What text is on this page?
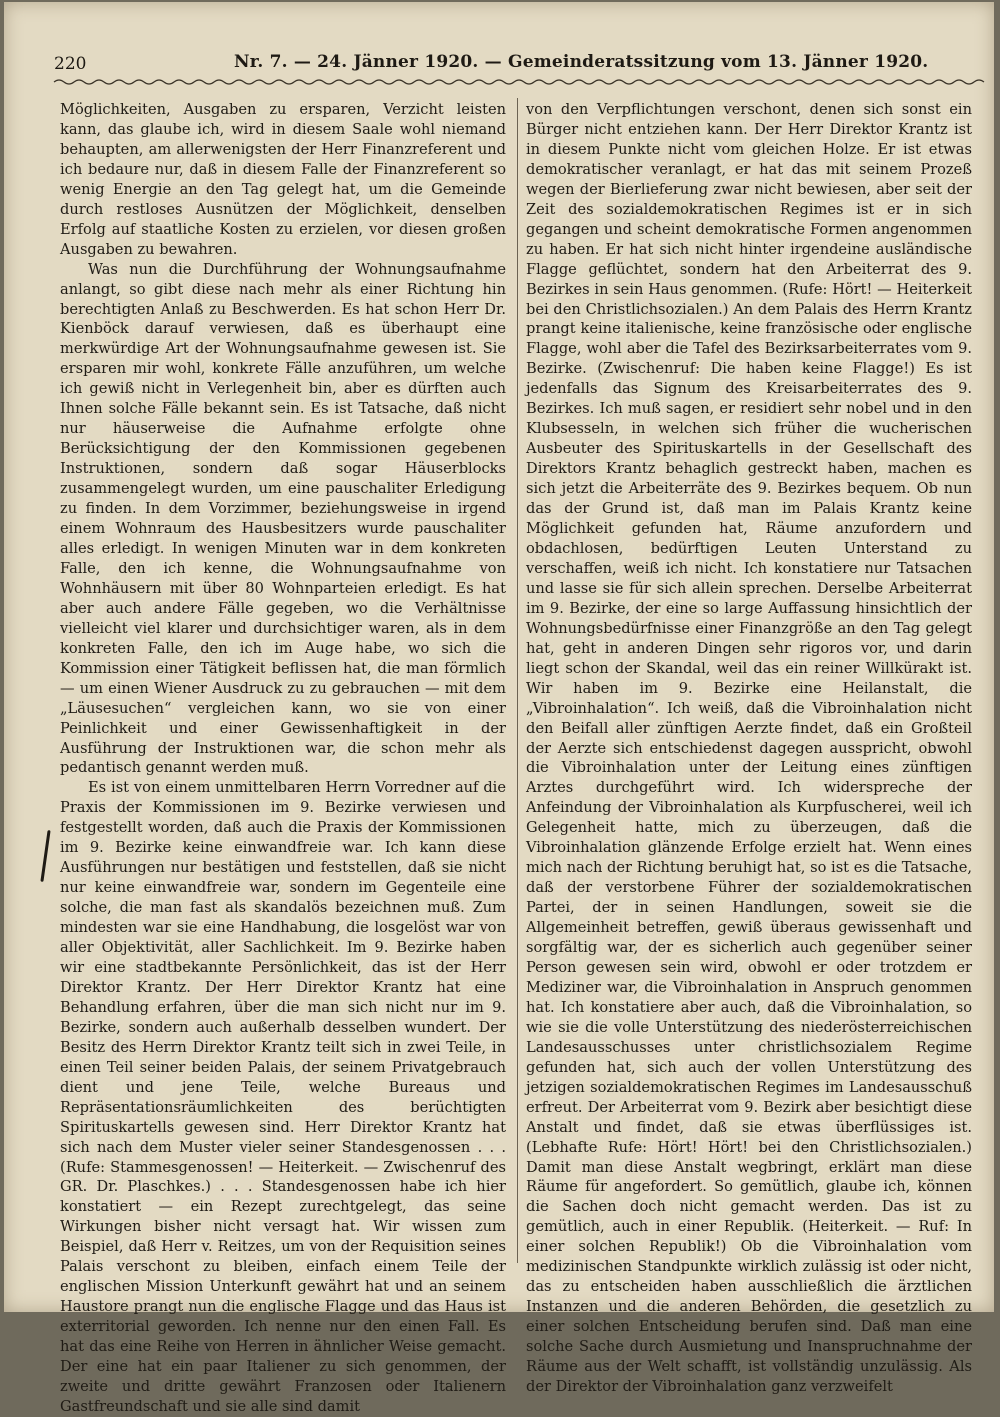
220	Nr. 7. — 24. Jänner 1920. — Gemeinderatssitzung vom 13. Jänner 1920.

Möglichkeiten, Ausgaben zu ersparen, Verzicht leisten kann, das glaube ich, wird in diesem Saale wohl niemand behaupten, am allerwenigsten der Herr Finanzreferent und ich bedaure nur, daß in diesem Falle der Finanzreferent so wenig Energie an den Tag gelegt hat, um die Gemeinde durch restloses Ausnützen der Möglichkeit, denselben Erfolg auf staatliche Kosten zu erzielen, vor diesen großen Ausgaben zu bewahren.

Was nun die Durchführung der Wohnungsaufnahme anlangt, so gibt diese nach mehr als einer Richtung hin berechtigten Anlaß zu Beschwerden. Es hat schon Herr Dr. Kienböck darauf verwiesen, daß es überhaupt eine merkwürdige Art der Wohnungsaufnahme gewesen ist. Sie ersparen mir wohl, konkrete Fälle anzuführen, um welche ich gewiß nicht in Verlegenheit bin, aber es dürften auch Ihnen solche Fälle bekannt sein. Es ist Tatsache, daß nicht nur häuserweise die Aufnahme erfolgte ohne Berücksichtigung der den Kommissionen gegebenen Instruktionen, sondern daß sogar Häuserblocks zusammengelegt wurden, um eine pauschaliter Erledigung zu finden. In dem Vorzimmer, beziehungsweise in irgend einem Wohnraum des Hausbesitzers wurde pauschaliter alles erledigt. In wenigen Minuten war in dem konkreten Falle, den ich kenne, die Wohnungsaufnahme von Wohnhäusern mit über 80 Wohnparteien erledigt. Es hat aber auch andere Fälle gegeben, wo die Verhältnisse vielleicht viel klarer und durchsichtiger waren, als in dem konkreten Falle, den ich im Auge habe, wo sich die Kommission einer Tätigkeit beflissen hat, die man förmlich — um einen Wiener Ausdruck zu zu gebrauchen — mit dem „Läusesuchen“ vergleichen kann, wo sie von einer Peinlichkeit und einer Gewissenhaftigkeit in der Ausführung der Instruktionen war, die schon mehr als pedantisch genannt werden muß.

Es ist von einem unmittelbaren Herrn Vorredner auf die Praxis der Kommissionen im 9. Bezirke verwiesen und festgestellt worden, daß auch die Praxis der Kommissionen im 9. Bezirke keine einwandfreie war. Ich kann diese Ausführungen nur bestätigen und feststellen, daß sie nicht nur keine einwandfreie war, sondern im Gegenteile eine solche, die man fast als skandalös bezeichnen muß. Zum mindesten war sie eine Handhabung, die losgelöst war von aller Objektivität, aller Sachlichkeit. Im 9. Bezirke haben wir eine stadtbekannte Persönlichkeit, das ist der Herr Direktor Krantz. Der Herr Direktor Krantz hat eine Behandlung erfahren, über die man sich nicht nur im 9. Bezirke, sondern auch außerhalb desselben wundert. Der Besitz des Herrn Direktor Krantz teilt sich in zwei Teile, in einen Teil seiner beiden Palais, der seinem Privatgebrauch dient und jene Teile, welche Bureaus und Repräsentationsräumlichkeiten des berüchtigten Spirituskartells gewesen sind. Herr Direktor Krantz hat sich nach dem Muster vieler seiner Standesgenossen . . . (Rufe: Stammesgenossen! — Heiterkeit. — Zwischenruf des GR. Dr. Plaschkes.) . . . Standesgenossen habe ich hier konstatiert — ein Rezept zurechtgelegt, das seine Wirkungen bisher nicht versagt hat. Wir wissen zum Beispiel, daß Herr v. Reitzes, um von der Requisition seines Palais verschont zu bleiben, einfach einem Teile der englischen Mission Unterkunft gewährt hat und an seinem Haustore prangt nun die englische Flagge und das Haus ist exterritorial geworden. Ich nenne nur den einen Fall. Es hat das eine Reihe von Herren in ähnlicher Weise gemacht. Der eine hat ein paar Italiener zu sich genommen, der zweite und dritte gewährt Franzosen oder Italienern Gastfreundschaft und sie alle sind damit

von den Verpflichtungen verschont, denen sich sonst ein Bürger nicht entziehen kann. Der Herr Direktor Krantz ist in diesem Punkte nicht vom gleichen Holze. Er ist etwas demokratischer veranlagt, er hat das mit seinem Prozeß wegen der Bierlieferung zwar nicht bewiesen, aber seit der Zeit des sozialdemokratischen Regimes ist er in sich gegangen und scheint demokratische Formen angenommen zu haben. Er hat sich nicht hinter irgendeine ausländische Flagge geflüchtet, sondern hat den Arbeiterrat des 9. Bezirkes in sein Haus genommen. (Rufe: Hört! — Heiterkeit bei den Christlichsozialen.) An dem Palais des Herrn Krantz prangt keine italienische, keine französische oder englische Flagge, wohl aber die Tafel des Bezirksarbeiterrates vom 9. Bezirke. (Zwischenruf: Die haben keine Flagge!) Es ist jedenfalls das Signum des Kreisarbeiterrates des 9. Bezirkes. Ich muß sagen, er residiert sehr nobel und in den Klubsesseln, in welchen sich früher die wucherischen Ausbeuter des Spirituskartells in der Gesellschaft des Direktors Krantz behaglich gestreckt haben, machen es sich jetzt die Arbeiterräte des 9. Bezirkes bequem. Ob nun das der Grund ist, daß man im Palais Krantz keine Möglichkeit gefunden hat, Räume anzufordern und obdachlosen, bedürftigen Leuten Unterstand zu verschaffen, weiß ich nicht. Ich konstatiere nur Tatsachen und lasse sie für sich allein sprechen. Derselbe Arbeiterrat im 9. Bezirke, der eine so large Auffassung hinsichtlich der Wohnungsbedürfnisse einer Finanzgröße an den Tag gelegt hat, geht in anderen Dingen sehr rigoros vor, und darin liegt schon der Skandal, weil das ein reiner Willkürakt ist. Wir haben im 9. Bezirke eine Heilanstalt, die „Vibroinhalation“. Ich weiß, daß die Vibroinhalation nicht den Beifall aller zünftigen Aerzte findet, daß ein Großteil der Aerzte sich entschiedenst dagegen ausspricht, obwohl die Vibroinhalation unter der Leitung eines zünftigen Arztes durchgeführt wird. Ich widerspreche der Anfeindung der Vibroinhalation als Kurpfuscherei, weil ich Gelegenheit hatte, mich zu überzeugen, daß die Vibroinhalation glänzende Erfolge erzielt hat. Wenn eines mich nach der Richtung beruhigt hat, so ist es die Tatsache, daß der verstorbene Führer der sozialdemokratischen Partei, der in seinen Handlungen, soweit sie die Allgemeinheit betreffen, gewiß überaus gewissenhaft und sorgfältig war, der es sicherlich auch gegenüber seiner Person gewesen sein wird, obwohl er oder trotzdem er Mediziner war, die Vibroinhalation in Anspruch genommen hat. Ich konstatiere aber auch, daß die Vibroinhalation, so wie sie die volle Unterstützung des niederösterreichischen Landesausschusses unter christlichsozialem Regime gefunden hat, sich auch der vollen Unterstützung des jetzigen sozialdemokratischen Regimes im Landesausschuß erfreut. Der Arbeiterrat vom 9. Bezirk aber besichtigt diese Anstalt und findet, daß sie etwas überflüssiges ist. (Lebhafte Rufe: Hört! Hört! bei den Christlichsozialen.) Damit man diese Anstalt wegbringt, erklärt man diese Räume für angefordert. So gemütlich, glaube ich, können die Sachen doch nicht gemacht werden. Das ist zu gemütlich, auch in einer Republik. (Heiterkeit. — Ruf: In einer solchen Republik!) Ob die Vibroinhalation vom medizinischen Standpunkte wirklich zulässig ist oder nicht, das zu entscheiden haben ausschließlich die ärztlichen Instanzen und die anderen Behörden, die gesetzlich zu einer solchen Entscheidung berufen sind. Daß man eine solche Sache durch Ausmietung und Inanspruchnahme der Räume aus der Welt schafft, ist vollständig unzulässig. Als der Direktor der Vibroinhalation ganz verzweifelt
